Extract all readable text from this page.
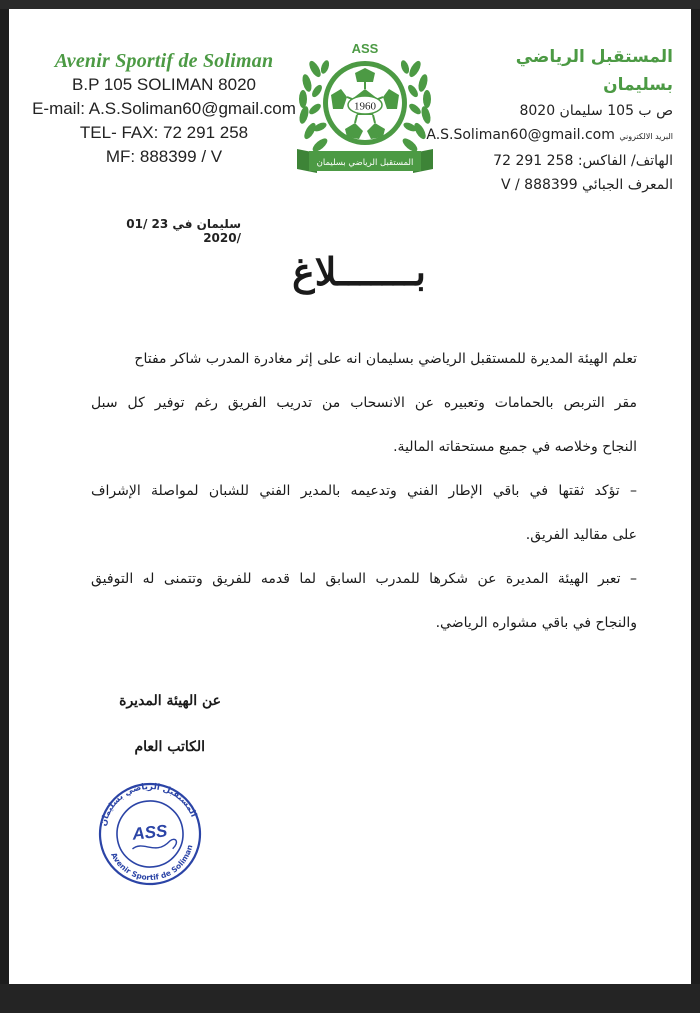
Avenir Sportif de Soliman
B.P 105 SOLIMAN 8020
E-mail: A.S.Soliman60@gmail.com
TEL- FAX: 72 291 258
MF: 888399 / V
ASS
1960
المستقبل الرياضي بسليمان
المستقبل الرياضي بسليمان
ص ب 105 سليمان 8020
البريد الالكتروني A.S.Soliman60@gmail.com
الهاتف/ الفاكس: 258 291 72
المعرف الجبائي 888399 / V
سليمان في 23 /01 /2020
بـــــــلاغ
تعلم الهيئة المديرة للمستقبل الرياضي بسليمان انه على إثر مغادرة المدرب شاكر مفتاح
مقر التربص بالحمامات وتعبيره عن الانسحاب من تدريب الفريق رغم توفير كل سبل
النجاح وخلاصه في جميع مستحقاته المالية.
– تؤكد ثقتها في باقي الإطار الفني وتدعيمه بالمدير الفني للشبان لمواصلة الإشراف
على مقاليد الفريق.
– تعبر الهيئة المديرة عن شكرها للمدرب السابق لما قدمه للفريق وتتمنى له التوفيق
والنجاح في باقي مشواره الرياضي.
عن الهيئة المديرة
الكاتب العام
المستقبل الرياضي بسليمان
Avenir Sportif de Soliman
ASS
